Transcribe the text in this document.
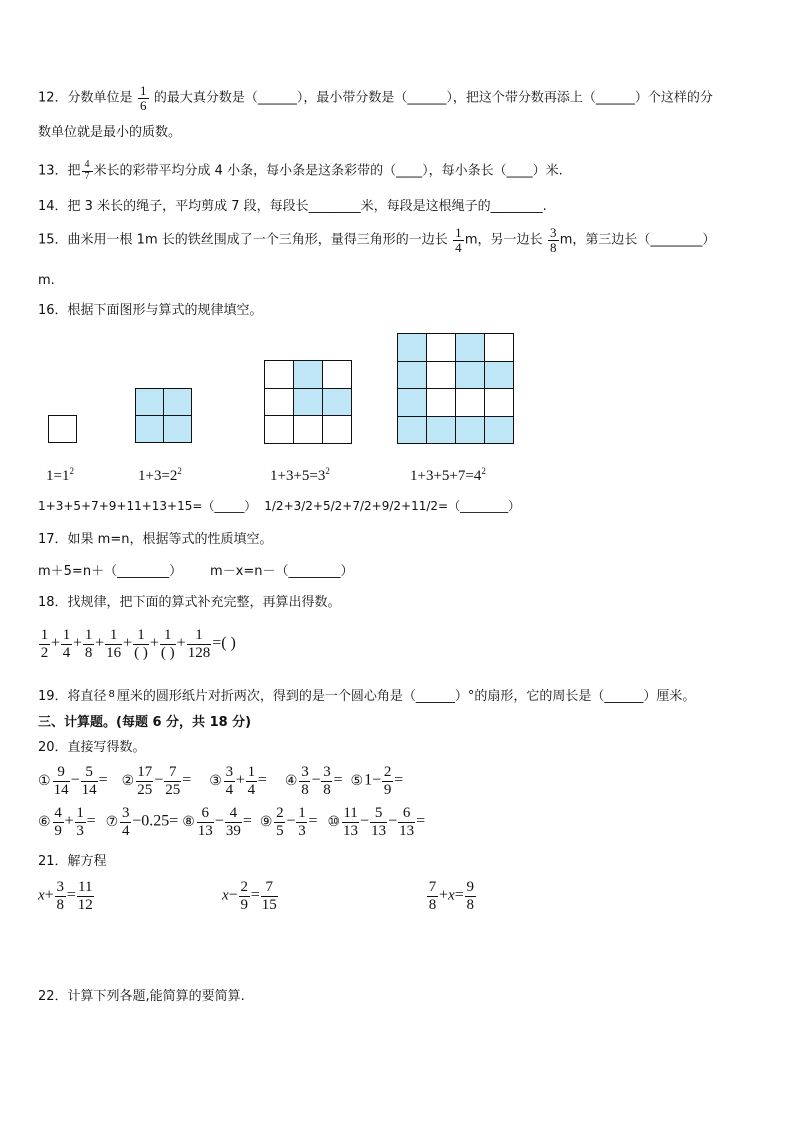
12．分数单位是 $\frac{1}{6}$ 的最大真分数是（______），最小带分数是（______），把这个带分数再添上（______）个这样的分
数单位就是最小的质数。
13．把 $\frac{4}{7}$ 米长的彩带平均分成 4 小条，每小条是这条彩带的（____），每小条长（____）米.
14．把 3 米长的绳子，平均剪成 7 段，每段长________米，每段是这根绳子的________.
15．曲米用一根 1m 长的铁丝围成了一个三角形，量得三角形的一边长 $\frac{1}{4}$ m，另一边长 $\frac{3}{8}$ m，第三边长（________）
m.
16．根据下面图形与算式的规律填空。
$1=1^2$	$1+3=2^2$	$1+3+5=3^2$	$1+3+5+7=4^2$
1+3+5+7+9+11+13+15=（_____） 1/2+3/2+5/2+7/2+9/2+11/2=（________）
17．如果 m=n，根据等式的性质填空。
m＋5=n＋（________） m－x=n－（________）
18．找规律，把下面的算式补充完整，再算出得数。
$\frac{1}{2} + \frac{1}{4} + \frac{1}{8} + \frac{1}{16} + \frac{1}{( )} + \frac{1}{( )} + \frac{1}{128}$ =( )
19．将直径 $^8$ 厘米的圆形纸片对折两次，得到的是一个圆心角是（______）°的扇形，它的周长是（______）厘米。
三、计算题。(每题 6 分，共 18 分)
20．直接写得数。
① $\frac{9}{14} - \frac{5}{14}$ = ② $\frac{17}{25} - \frac{7}{25}$ = ③ $\frac{3}{4} + \frac{1}{4}$ = ④ $\frac{3}{8} - \frac{3}{8}$ = ⑤1− $\frac{2}{9}$ =
⑥ $\frac{4}{9} + \frac{1}{3}$ = ⑦ $\frac{3}{4} -0.25=$ ⑧ $\frac{6}{13} - \frac{4}{39}$ = ⑨ $\frac{2}{5} - \frac{1}{3}$ = ⑩ $\frac{11}{13} - \frac{5}{13} - \frac{6}{13}$ =
21．解方程
$x+ \frac{3}{8} = \frac{11}{12}$	$x- \frac{2}{9} = \frac{7}{15}$	$\frac{7}{8} +x= \frac{9}{8}$
22．计算下列各题,能简算的要简算.
